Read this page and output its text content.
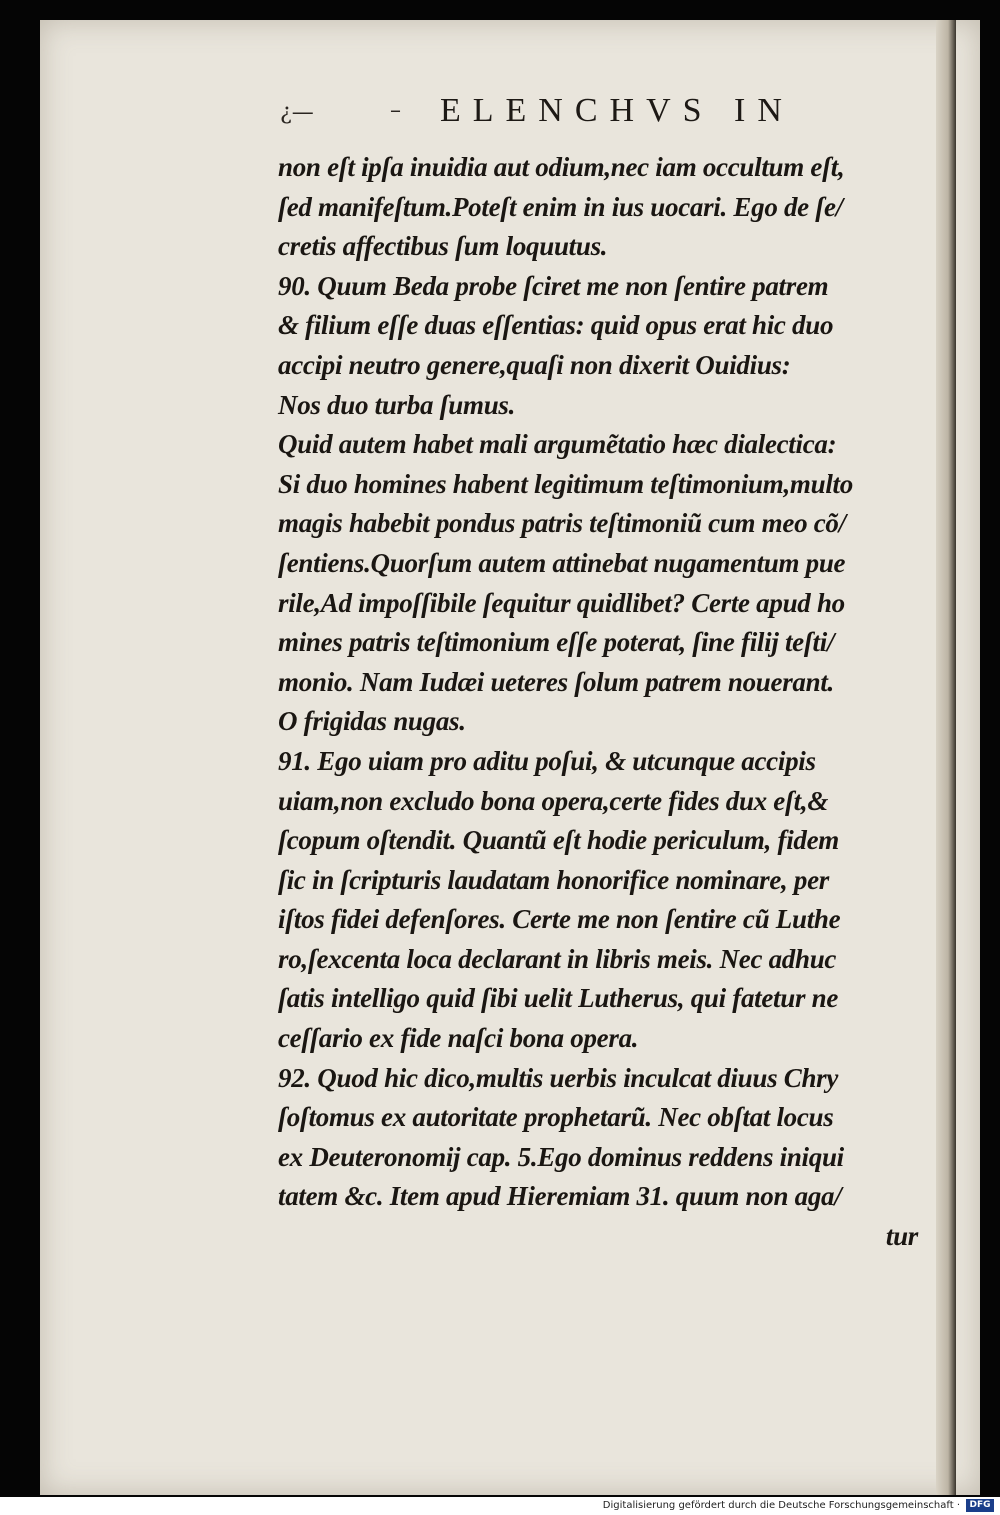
¿—	– ELENCHVS IN
non eſt ipſa inuidia aut odium,nec iam occultum eſt,
ſed manifeſtum.Poteſt enim in ius uocari. Ego de ſe/
cretis affectibus ſum loquutus.
90. Quum Beda probe ſciret me non ſentire patrem
& filium eſſe duas eſſentias: quid opus erat hic duo
accipi neutro genere,quaſi non dixerit Ouidius:
Nos duo turba ſumus.
Quid autem habet mali argumẽtatio hæc dialectica:
Si duo homines habent legitimum teſtimonium,multo
magis habebit pondus patris teſtimoniũ cum meo cõ/
ſentiens.Quorſum autem attinebat nugamentum pue
rile,Ad impoſſibile ſequitur quidlibet? Certe apud ho
mines patris teſtimonium eſſe poterat, ſine filij teſti/
monio. Nam Iudæi ueteres ſolum patrem nouerant.
O frigidas nugas.
91. Ego uiam pro aditu poſui, & utcunque accipis
uiam,non excludo bona opera,certe fides dux eſt,&
ſcopum oſtendit. Quantũ eſt hodie periculum, fidem
ſic in ſcripturis laudatam honorifice nominare, per
iſtos fidei defenſores. Certe me non ſentire cũ Luthe
ro,ſexcenta loca declarant in libris meis. Nec adhuc
ſatis intelligo quid ſibi uelit Lutherus, qui fatetur ne
ceſſario ex fide naſci bona opera.
92. Quod hic dico,multis uerbis inculcat diuus Chry
ſoſtomus ex autoritate prophetarũ. Nec obſtat locus
ex Deuteronomij cap. 5.Ego dominus reddens iniqui
tatem &c. Item apud Hieremiam 31. quum non aga/
tur
Digitalisierung gefördert durch die Deutsche Forschungsgemeinschaft ·	DFG
